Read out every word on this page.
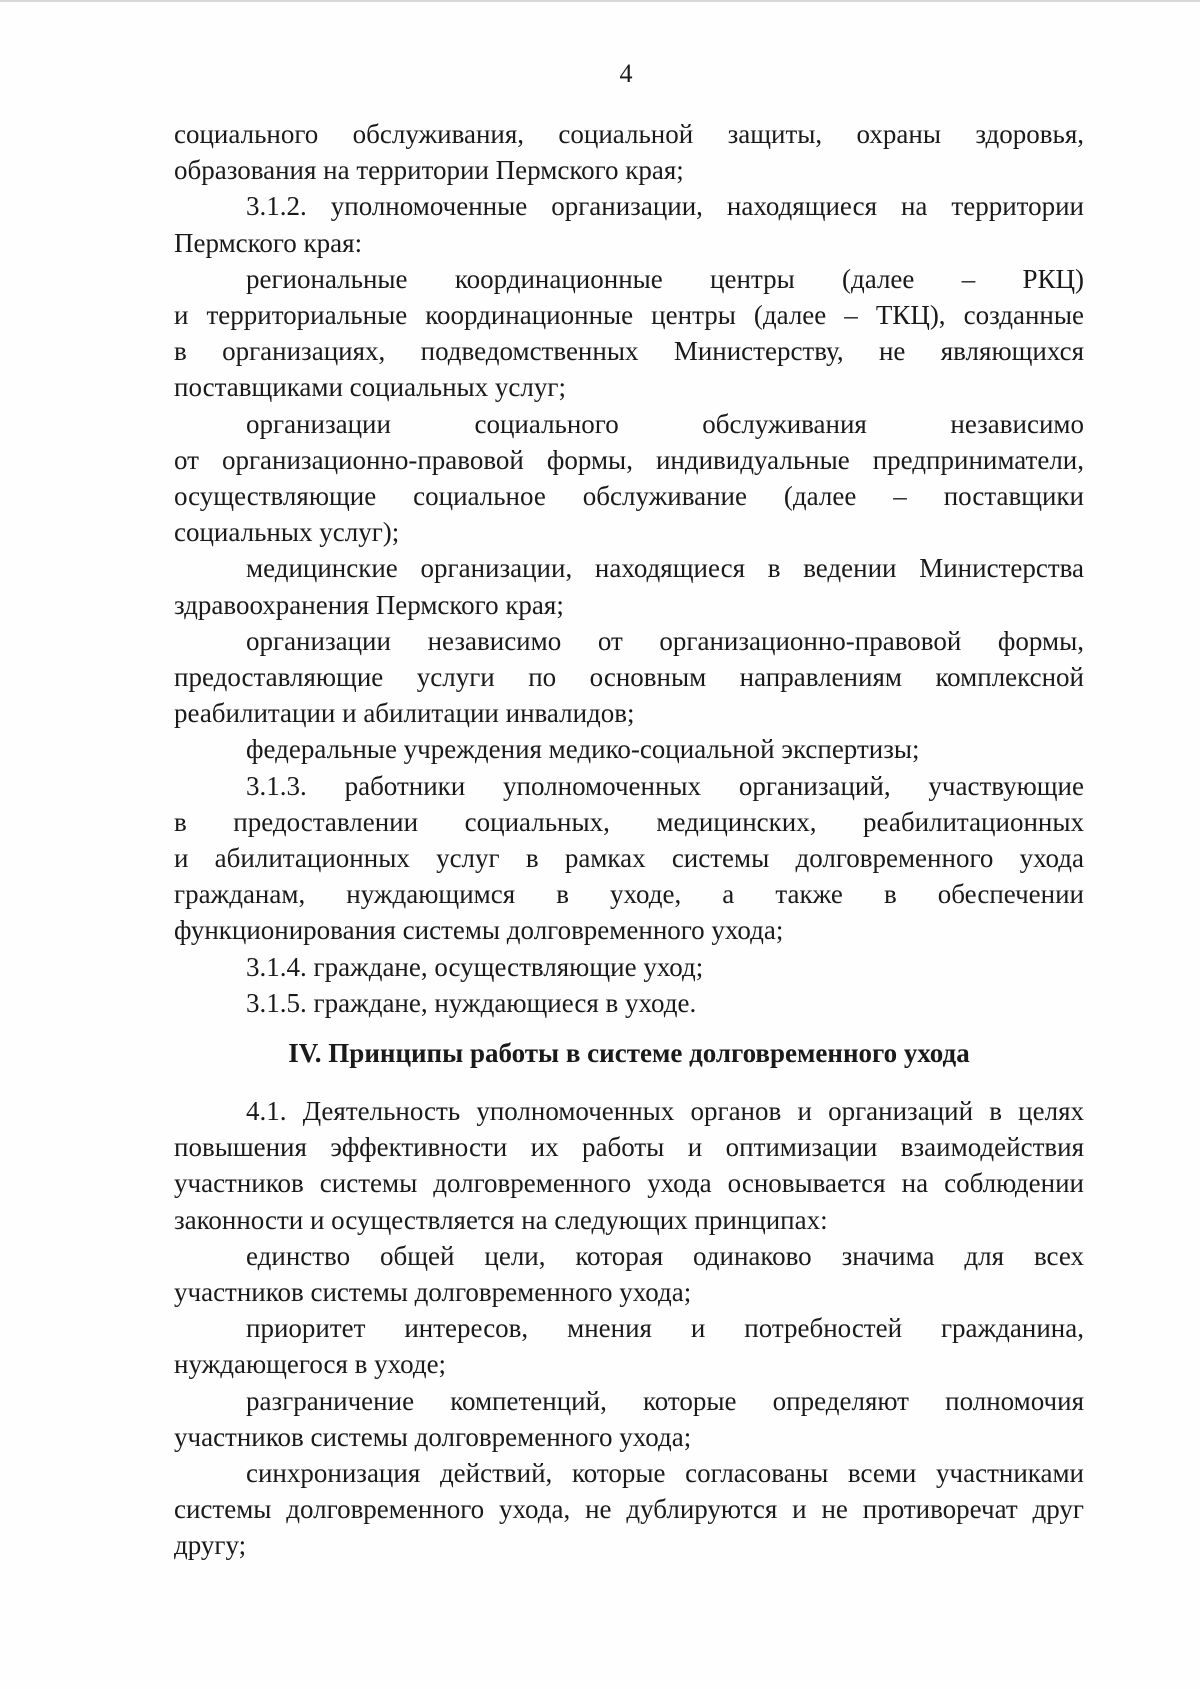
4

социального обслуживания, социальной защиты, охраны здоровья,
образования на территории Пермского края;

3.1.2. уполномоченные организации, находящиеся на территории
Пермского края:

региональные координационные центры (далее – РКЦ)
и территориальные координационные центры (далее – ТКЦ), созданные
в организациях, подведомственных Министерству, не являющихся
поставщиками социальных услуг;

организации социального обслуживания независимо
от организационно-правовой формы, индивидуальные предприниматели,
осуществляющие социальное обслуживание (далее – поставщики
социальных услуг);

медицинские организации, находящиеся в ведении Министерства
здравоохранения Пермского края;

организации независимо от организационно-правовой формы,
предоставляющие услуги по основным направлениям комплексной
реабилитации и абилитации инвалидов;

федеральные учреждения медико-социальной экспертизы;

3.1.3. работники уполномоченных организаций, участвующие
в предоставлении социальных, медицинских, реабилитационных
и абилитационных услуг в рамках системы долговременного ухода
гражданам, нуждающимся в уходе, а также в обеспечении
функционирования системы долговременного ухода;

3.1.4. граждане, осуществляющие уход;

3.1.5. граждане, нуждающиеся в уходе.

IV. Принципы работы в системе долговременного ухода

4.1. Деятельность уполномоченных органов и организаций в целях
повышения эффективности их работы и оптимизации взаимодействия
участников системы долговременного ухода основывается на соблюдении
законности и осуществляется на следующих принципах:

единство общей цели, которая одинаково значима для всех
участников системы долговременного ухода;

приоритет интересов, мнения и потребностей гражданина,
нуждающегося в уходе;

разграничение компетенций, которые определяют полномочия
участников системы долговременного ухода;

синхронизация действий, которые согласованы всеми участниками
системы долговременного ухода, не дублируются и не противоречат друг
другу;
